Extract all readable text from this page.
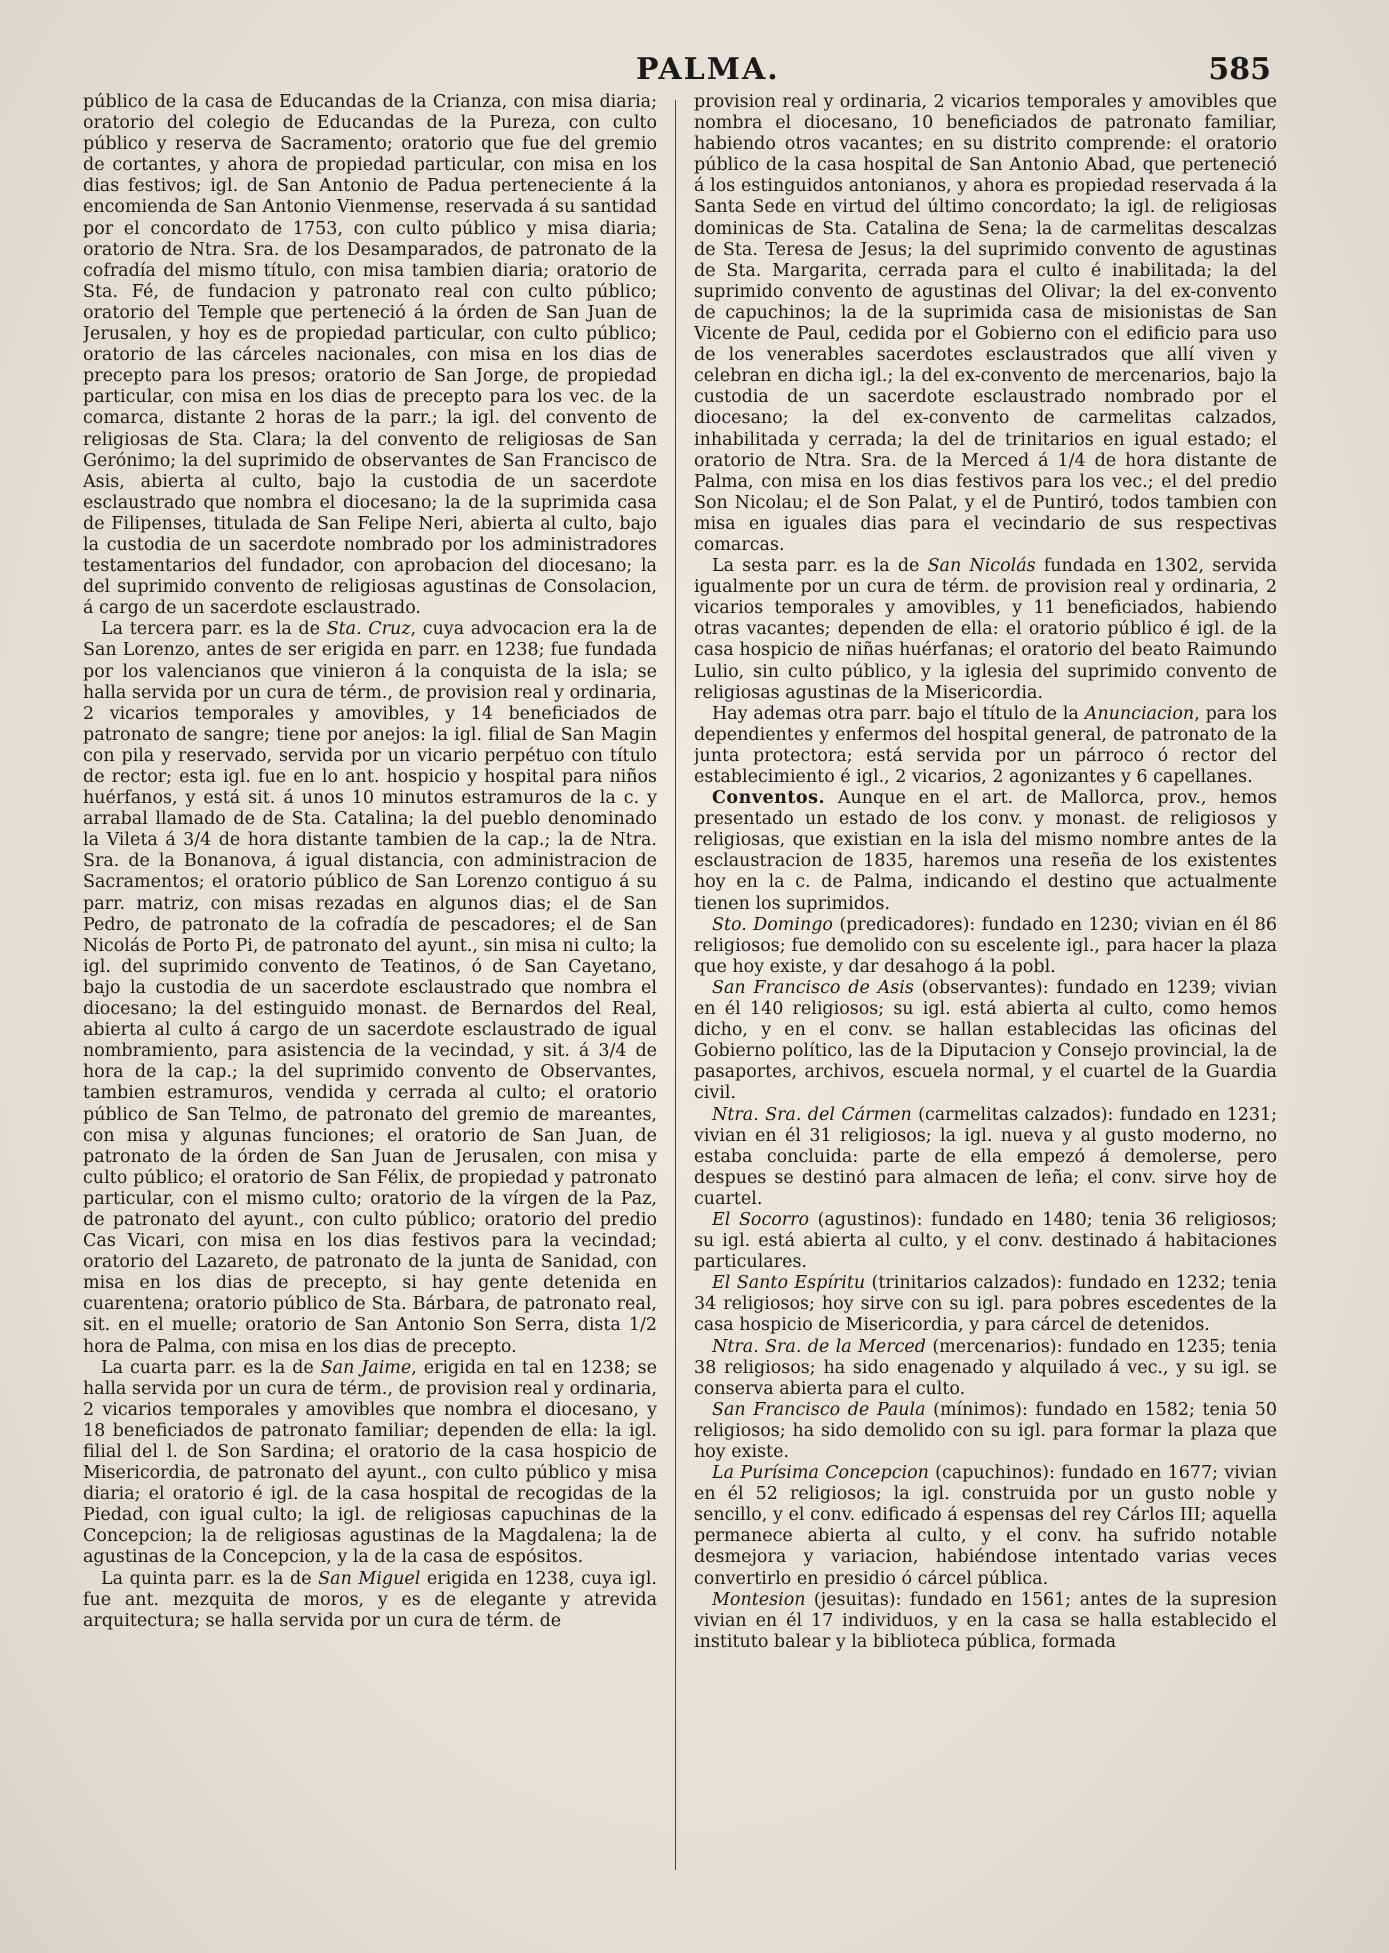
PALMA.	585

público de la casa de Educandas de la Crianza, con misa diaria; oratorio del colegio de Educandas de la Pureza, con culto público y reserva de Sacramento; oratorio que fue del gremio de cortantes, y ahora de propiedad particular, con misa en los dias festivos; igl. de San Antonio de Padua perteneciente á la encomienda de San Antonio Vienmense, reservada á su santidad por el concordato de 1753, con culto público y misa diaria; oratorio de Ntra. Sra. de los Desamparados, de patronato de la cofradía del mismo título, con misa tambien diaria; oratorio de Sta. Fé, de fundacion y patronato real con culto público; oratorio del Temple que perteneció á la órden de San Juan de Jerusalen, y hoy es de propiedad particular, con culto público; oratorio de las cárceles nacionales, con misa en los dias de precepto para los presos; oratorio de San Jorge, de propiedad particular, con misa en los dias de precepto para los vec. de la comarca, distante 2 horas de la parr.; la igl. del convento de religiosas de Sta. Clara; la del convento de religiosas de San Gerónimo; la del suprimido de observantes de San Francisco de Asis, abierta al culto, bajo la custodia de un sacerdote esclaustrado que nombra el diocesano; la de la suprimida casa de Filipenses, titulada de San Felipe Neri, abierta al culto, bajo la custodia de un sacerdote nombrado por los administradores testamentarios del fundador, con aprobacion del diocesano; la del suprimido convento de religiosas agustinas de Consolacion, á cargo de un sacerdote esclaustrado.

La tercera parr. es la de Sta. Cruz, cuya advocacion era la de San Lorenzo, antes de ser erigida en parr. en 1238; fue fundada por los valencianos que vinieron á la conquista de la isla; se halla servida por un cura de térm., de provision real y ordinaria, 2 vicarios temporales y amovibles, y 14 beneficiados de patronato de sangre; tiene por anejos: la igl. filial de San Magin con pila y reservado, servida por un vicario perpétuo con título de rector; esta igl. fue en lo ant. hospicio y hospital para niños huérfanos, y está sit. á unos 10 minutos estramuros de la c. y arrabal llamado de de Sta. Catalina; la del pueblo denominado la Vileta á 3/4 de hora distante tambien de la cap.; la de Ntra. Sra. de la Bonanova, á igual distancia, con administracion de Sacramentos; el oratorio público de San Lorenzo contiguo á su parr. matriz, con misas rezadas en algunos dias; el de San Pedro, de patronato de la cofradía de pescadores; el de San Nicolás de Porto Pi, de patronato del ayunt., sin misa ni culto; la igl. del suprimido convento de Teatinos, ó de San Cayetano, bajo la custodia de un sacerdote esclaustrado que nombra el diocesano; la del estinguido monast. de Bernardos del Real, abierta al culto á cargo de un sacerdote esclaustrado de igual nombramiento, para asistencia de la vecindad, y sit. á 3/4 de hora de la cap.; la del suprimido convento de Observantes, tambien estramuros, vendida y cerrada al culto; el oratorio público de San Telmo, de patronato del gremio de mareantes, con misa y algunas funciones; el oratorio de San Juan, de patronato de la órden de San Juan de Jerusalen, con misa y culto público; el oratorio de San Félix, de propiedad y patronato particular, con el mismo culto; oratorio de la vírgen de la Paz, de patronato del ayunt., con culto público; oratorio del predio Cas Vicari, con misa en los dias festivos para la vecindad; oratorio del Lazareto, de patronato de la junta de Sanidad, con misa en los dias de precepto, si hay gente detenida en cuarentena; oratorio público de Sta. Bárbara, de patronato real, sit. en el muelle; oratorio de San Antonio Son Serra, dista 1/2 hora de Palma, con misa en los dias de precepto.

La cuarta parr. es la de San Jaime, erigida en tal en 1238; se halla servida por un cura de térm., de provision real y ordinaria, 2 vicarios temporales y amovibles que nombra el diocesano, y 18 beneficiados de patronato familiar; dependen de ella: la igl. filial del l. de Son Sardina; el oratorio de la casa hospicio de Misericordia, de patronato del ayunt., con culto público y misa diaria; el oratorio é igl. de la casa hospital de recogidas de la Piedad, con igual culto; la igl. de religiosas capuchinas de la Concepcion; la de religiosas agustinas de la Magdalena; la de agustinas de la Concepcion, y la de la casa de espósitos.

La quinta parr. es la de San Miguel erigida en 1238, cuya igl. fue ant. mezquita de moros, y es de elegante y atrevida arquitectura; se halla servida por un cura de térm. de

provision real y ordinaria, 2 vicarios temporales y amovibles que nombra el diocesano, 10 beneficiados de patronato familiar, habiendo otros vacantes; en su distrito comprende: el oratorio público de la casa hospital de San Antonio Abad, que perteneció á los estinguidos antonianos, y ahora es propiedad reservada á la Santa Sede en virtud del último concordato; la igl. de religiosas dominicas de Sta. Catalina de Sena; la de carmelitas descalzas de Sta. Teresa de Jesus; la del suprimido convento de agustinas de Sta. Margarita, cerrada para el culto é inabilitada; la del suprimido convento de agustinas del Olivar; la del ex-convento de capuchinos; la de la suprimida casa de misionistas de San Vicente de Paul, cedida por el Gobierno con el edificio para uso de los venerables sacerdotes esclaustrados que allí viven y celebran en dicha igl.; la del ex-convento de mercenarios, bajo la custodia de un sacerdote esclaustrado nombrado por el diocesano; la del ex-convento de carmelitas calzados, inhabilitada y cerrada; la del de trinitarios en igual estado; el oratorio de Ntra. Sra. de la Merced á 1/4 de hora distante de Palma, con misa en los dias festivos para los vec.; el del predio Son Nicolau; el de Son Palat, y el de Puntiró, todos tambien con misa en iguales dias para el vecindario de sus respectivas comarcas.

La sesta parr. es la de San Nicolás fundada en 1302, servida igualmente por un cura de térm. de provision real y ordinaria, 2 vicarios temporales y amovibles, y 11 beneficiados, habiendo otras vacantes; dependen de ella: el oratorio público é igl. de la casa hospicio de niñas huérfanas; el oratorio del beato Raimundo Lulio, sin culto público, y la iglesia del suprimido convento de religiosas agustinas de la Misericordia.

Hay ademas otra parr. bajo el título de la Anunciacion, para los dependientes y enfermos del hospital general, de patronato de la junta protectora; está servida por un párroco ó rector del establecimiento é igl., 2 vicarios, 2 agonizantes y 6 capellanes.

Conventos. Aunque en el art. de Mallorca, prov., hemos presentado un estado de los conv. y monast. de religiosos y religiosas, que existian en la isla del mismo nombre antes de la esclaustracion de 1835, haremos una reseña de los existentes hoy en la c. de Palma, indicando el destino que actualmente tienen los suprimidos.

Sto. Domingo (predicadores): fundado en 1230; vivian en él 86 religiosos; fue demolido con su escelente igl., para hacer la plaza que hoy existe, y dar desahogo á la pobl.

San Francisco de Asis (observantes): fundado en 1239; vivian en él 140 religiosos; su igl. está abierta al culto, como hemos dicho, y en el conv. se hallan establecidas las oficinas del Gobierno político, las de la Diputacion y Consejo provincial, la de pasaportes, archivos, escuela normal, y el cuartel de la Guardia civil.

Ntra. Sra. del Cármen (carmelitas calzados): fundado en 1231; vivian en él 31 religiosos; la igl. nueva y al gusto moderno, no estaba concluida: parte de ella empezó á demolerse, pero despues se destinó para almacen de leña; el conv. sirve hoy de cuartel.

El Socorro (agustinos): fundado en 1480; tenia 36 religiosos; su igl. está abierta al culto, y el conv. destinado á habitaciones particulares.

El Santo Espíritu (trinitarios calzados): fundado en 1232; tenia 34 religiosos; hoy sirve con su igl. para pobres escedentes de la casa hospicio de Misericordia, y para cárcel de detenidos.

Ntra. Sra. de la Merced (mercenarios): fundado en 1235; tenia 38 religiosos; ha sido enagenado y alquilado á vec., y su igl. se conserva abierta para el culto.

San Francisco de Paula (mínimos): fundado en 1582; tenia 50 religiosos; ha sido demolido con su igl. para formar la plaza que hoy existe.

La Purísima Concepcion (capuchinos): fundado en 1677; vivian en él 52 religiosos; la igl. construida por un gusto noble y sencillo, y el conv. edificado á espensas del rey Cárlos III; aquella permanece abierta al culto, y el conv. ha sufrido notable desmejora y variacion, habiéndose intentado varias veces convertirlo en presidio ó cárcel pública.

Montesion (jesuitas): fundado en 1561; antes de la supresion vivian en él 17 individuos, y en la casa se halla establecido el instituto balear y la biblioteca pública, formada
